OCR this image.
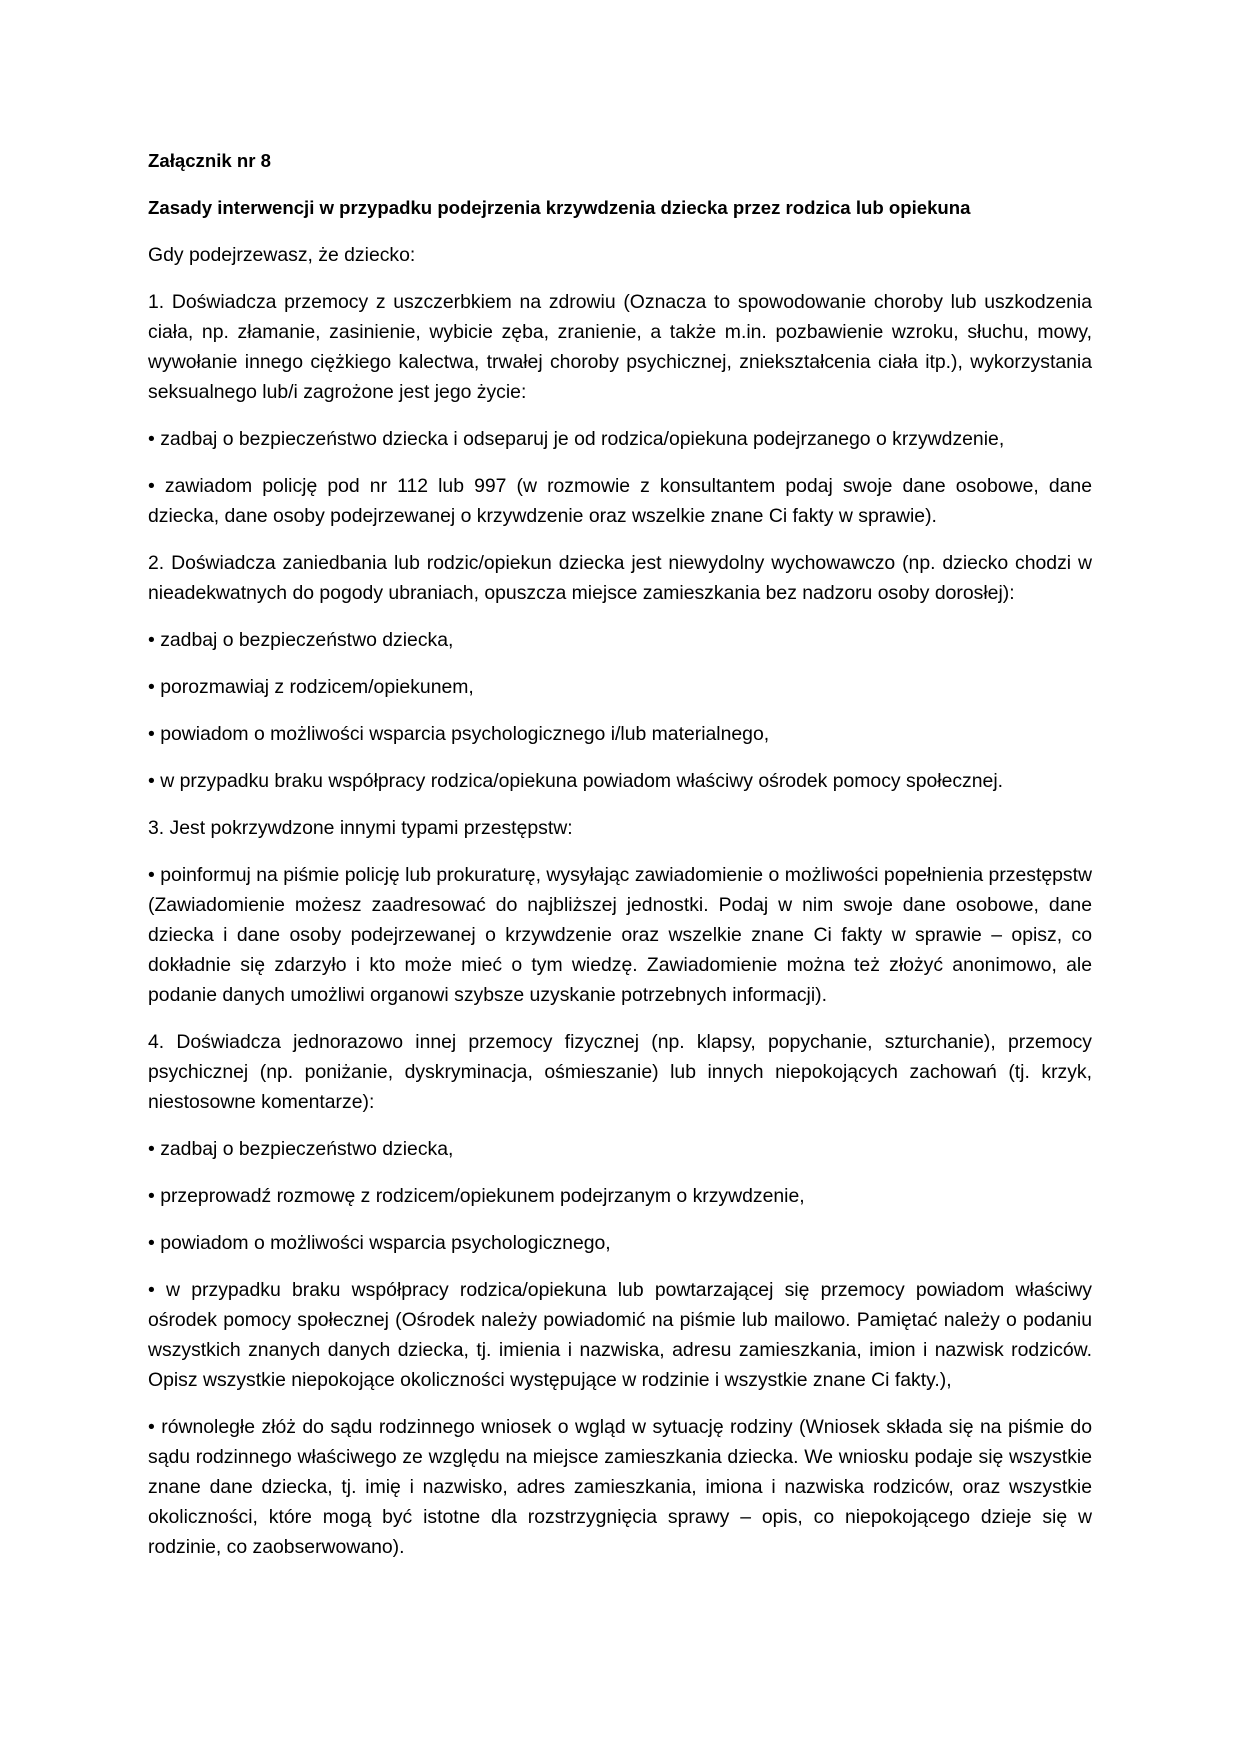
Załącznik nr 8

Zasady interwencji w przypadku podejrzenia krzywdzenia dziecka przez rodzica lub opiekuna

Gdy podejrzewasz, że dziecko:

1. Doświadcza przemocy z uszczerbkiem na zdrowiu (Oznacza to spowodowanie choroby lub uszkodzenia ciała, np. złamanie, zasinienie, wybicie zęba, zranienie, a także m.in. pozbawienie wzroku, słuchu, mowy, wywołanie innego ciężkiego kalectwa, trwałej choroby psychicznej, zniekształcenia ciała itp.), wykorzystania seksualnego lub/i zagrożone jest jego życie:

• zadbaj o bezpieczeństwo dziecka i odseparuj je od rodzica/opiekuna podejrzanego o krzywdzenie,

• zawiadom policję pod nr 112 lub 997 (w rozmowie z konsultantem podaj swoje dane osobowe, dane dziecka, dane osoby podejrzewanej o krzywdzenie oraz wszelkie znane Ci fakty w sprawie).

2. Doświadcza zaniedbania lub rodzic/opiekun dziecka jest niewydolny wychowawczo (np. dziecko chodzi w nieadekwatnych do pogody ubraniach, opuszcza miejsce zamieszkania bez nadzoru osoby dorosłej):

• zadbaj o bezpieczeństwo dziecka,

• porozmawiaj z rodzicem/opiekunem,

• powiadom o możliwości wsparcia psychologicznego i/lub materialnego,

• w przypadku braku współpracy rodzica/opiekuna powiadom właściwy ośrodek pomocy społecznej.

3. Jest pokrzywdzone innymi typami przestępstw:

• poinformuj na piśmie policję lub prokuraturę, wysyłając zawiadomienie o możliwości popełnienia przestępstw (Zawiadomienie możesz zaadresować do najbliższej jednostki. Podaj w nim swoje dane osobowe, dane dziecka i dane osoby podejrzewanej o krzywdzenie oraz wszelkie znane Ci fakty w sprawie – opisz, co dokładnie się zdarzyło i kto może mieć o tym wiedzę. Zawiadomienie można też złożyć anonimowo, ale podanie danych umożliwi organowi szybsze uzyskanie potrzebnych informacji).

4. Doświadcza jednorazowo innej przemocy fizycznej (np. klapsy, popychanie, szturchanie), przemocy psychicznej (np. poniżanie, dyskryminacja, ośmieszanie) lub innych niepokojących zachowań (tj. krzyk, niestosowne komentarze):

• zadbaj o bezpieczeństwo dziecka,

• przeprowadź rozmowę z rodzicem/opiekunem podejrzanym o krzywdzenie,

• powiadom o możliwości wsparcia psychologicznego,

• w przypadku braku współpracy rodzica/opiekuna lub powtarzającej się przemocy powiadom właściwy ośrodek pomocy społecznej (Ośrodek należy powiadomić na piśmie lub mailowo. Pamiętać należy o podaniu wszystkich znanych danych dziecka, tj. imienia i nazwiska, adresu zamieszkania, imion i nazwisk rodziców. Opisz wszystkie niepokojące okoliczności występujące w rodzinie i wszystkie znane Ci fakty.),

• równoległe złóż do sądu rodzinnego wniosek o wgląd w sytuację rodziny (Wniosek składa się na piśmie do sądu rodzinnego właściwego ze względu na miejsce zamieszkania dziecka. We wniosku podaje się wszystkie znane dane dziecka, tj. imię i nazwisko, adres zamieszkania, imiona i nazwiska rodziców, oraz wszystkie okoliczności, które mogą być istotne dla rozstrzygnięcia sprawy – opis, co niepokojącego dzieje się w rodzinie, co zaobserwowano).
